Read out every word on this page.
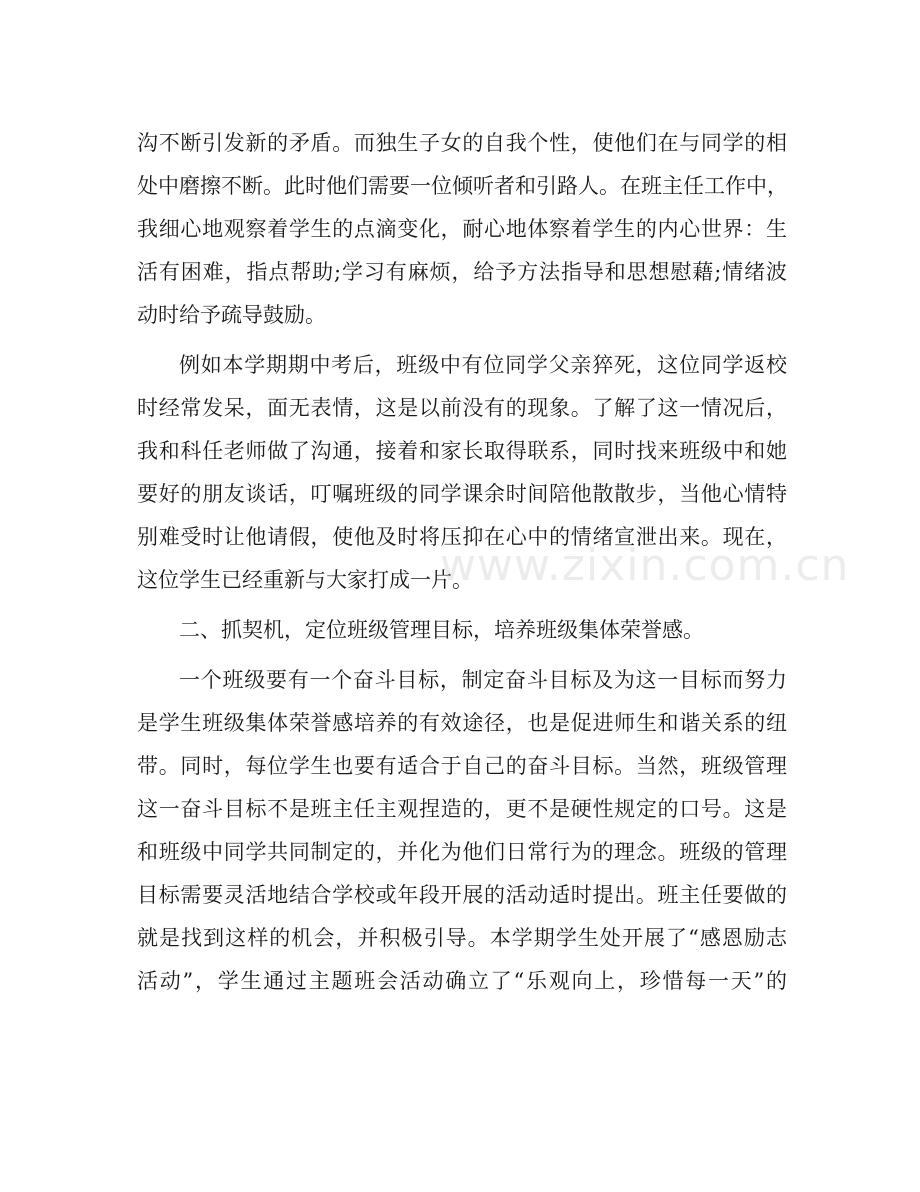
沟不断引发新的矛盾。而独生子女的自我个性，使他们在与同学的相
处中磨擦不断。此时他们需要一位倾听者和引路人。在班主任工作中，
我细心地观察着学生的点滴变化，耐心地体察着学生的内心世界：生
活有困难，指点帮助;学习有麻烦，给予方法指导和思想慰藉;情绪波
动时给予疏导鼓励。
例如本学期期中考后，班级中有位同学父亲猝死，这位同学返校
时经常发呆，面无表情，这是以前没有的现象。了解了这一情况后，
我和科任老师做了沟通，接着和家长取得联系，同时找来班级中和她
要好的朋友谈话，叮嘱班级的同学课余时间陪他散散步，当他心情特
别难受时让他请假，使他及时将压抑在心中的情绪宣泄出来。现在，
这位学生已经重新与大家打成一片。
二、抓契机，定位班级管理目标，培养班级集体荣誉感。
一个班级要有一个奋斗目标，制定奋斗目标及为这一目标而努力
是学生班级集体荣誉感培养的有效途径，也是促进师生和谐关系的纽
带。同时，每位学生也要有适合于自己的奋斗目标。当然，班级管理
这一奋斗目标不是班主任主观捏造的，更不是硬性规定的口号。这是
和班级中同学共同制定的，并化为他们日常行为的理念。班级的管理
目标需要灵活地结合学校或年段开展的活动适时提出。班主任要做的
就是找到这样的机会，并积极引导。本学期学生处开展了“感恩励志
活动”，学生通过主题班会活动确立了“乐观向上，珍惜每一天”的
www.zixin.com.cn
